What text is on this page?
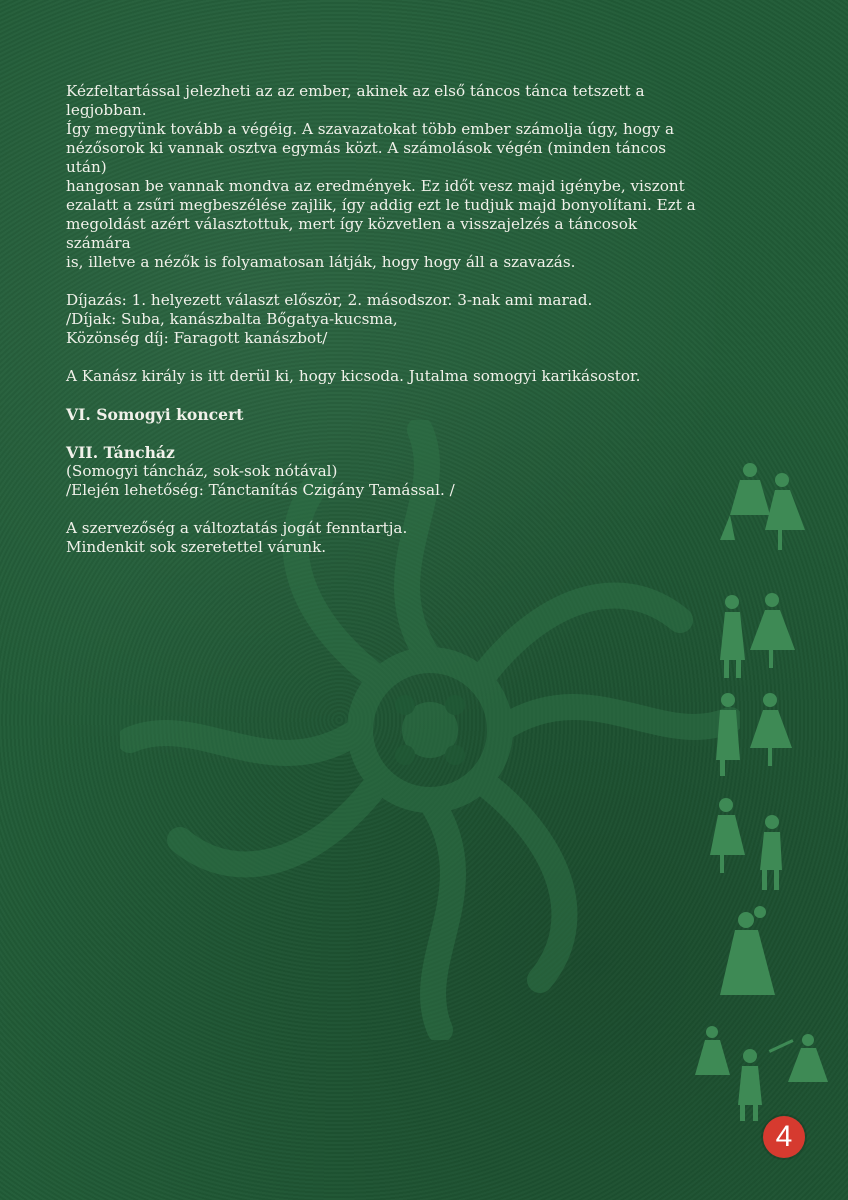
Kézfeltartással jelezheti az az ember, akinek az első táncos tánca tetszett a legjobban.
Így megyünk tovább a végéig. A szavazatokat több ember számolja úgy, hogy a
nézősorok ki vannak osztva egymás közt. A számolások végén (minden táncos után)
hangosan be vannak mondva az eredmények. Ez időt vesz majd igénybe, viszont
ezalatt a zsűri megbeszélése zajlik, így addig ezt le tudjuk majd bonyolítani. Ezt a
megoldást azért választottuk, mert így közvetlen a visszajelzés a táncosok számára
is, illetve a nézők is folyamatosan látják, hogy hogy áll a szavazás.

Díjazás: 1. helyezett választ először, 2. másodszor. 3-nak ami marad.
/Díjak: Suba, kanászbalta Bőgatya-kucsma,
Közönség díj: Faragott kanászbot/

A Kanász király is itt derül ki, hogy kicsoda. Jutalma somogyi karikásostor.

VI. Somogyi koncert

VII. Táncház
(Somogyi táncház, sok-sok nótával)
/Elején lehetőség: Tánctanítás Czigány Tamással. /

A szervezőség a változtatás jogát fenntartja.
Mindenkit sok szeretettel várunk.

4
